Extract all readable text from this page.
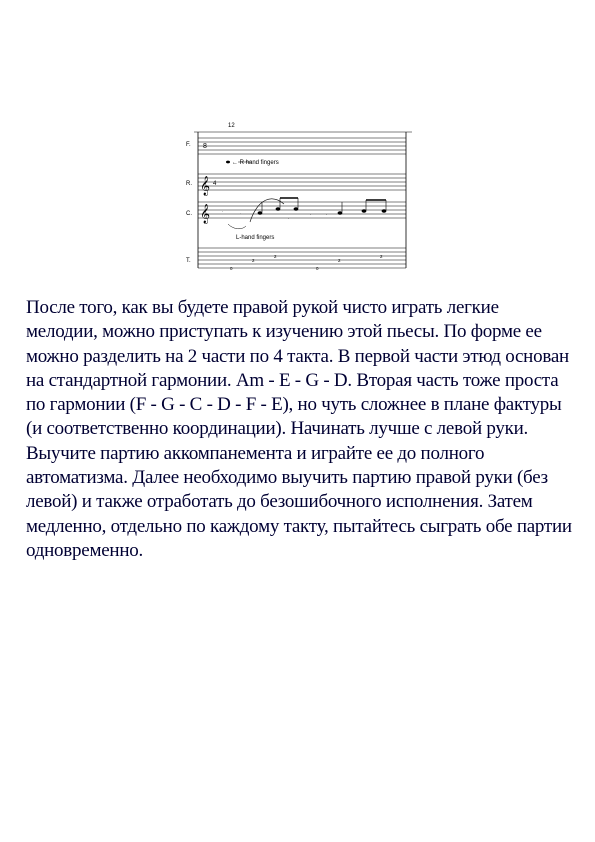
12
F.
R.
C.
T.
𝄞
𝄞
8
4
·	·	·	·
·
← R hand fingers
L-hand fingers
0
2
2
0
2
2

После того, как вы будете правой рукой чисто играть легкие мелодии, можно приступать к изучению этой пьесы. По форме ее можно разделить на 2 части по 4 такта. В первой части этюд основан на стандартной гармонии. Am - E - G - D. Вторая часть тоже проста по гармонии (F - G - C - D - F - E), но чуть сложнее в плане фактуры (и соответственно координации). Начинать лучше с левой руки. Выучите партию аккомпанемента и играйте ее до полного автоматизма. Далее необходимо выучить партию правой руки (без левой) и также отработать до безошибочного исполнения. Затем медленно, отдельно по каждому такту, пытайтесь сыграть обе партии одновременно.
